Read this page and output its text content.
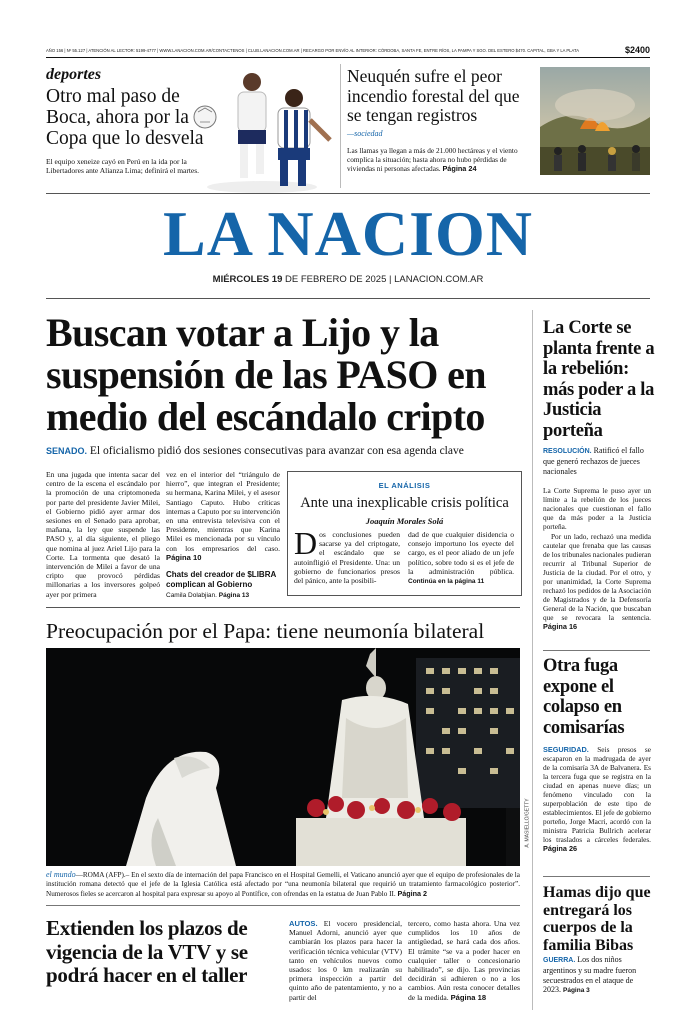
AÑO 156 | Nº 55.127 | ATENCIÓN AL LECTOR: 5199-4777 | WWW.LANACION.COM.AR/CONTACTENOS | CLUB.LANACION.COM.AR | RECARGO POR ENVÍO AL INTERIOR: CÓRDOBA, SANTA FE, ENTRE RÍOS, LA PAMPA Y SGO. DEL ESTERO $470. CAPITAL, GBA Y LA PLATA	$2400
deportes
Otro mal paso de Boca, ahora por la Copa que lo desvela
El equipo xeneize cayó en Perú en la ida por la Libertadores ante Alianza Lima; definirá el martes.
Neuquén sufre el peor incendio forestal del que se tengan registros
—sociedad
Las llamas ya llegan a más de 21.000 hectáreas y el viento complica la situación; hasta ahora no hubo pérdidas de viviendas ni personas afectadas. Página 24
LA NACION
MIÉRCOLES 19 DE FEBRERO DE 2025 | LANACION.COM.AR
Buscan votar a Lijo y la suspensión de las PASO en medio del escándalo cripto
SENADO. El oficialismo pidió dos sesiones consecutivas para avanzar con esa agenda clave
En una jugada que intenta sacar del centro de la escena el escándalo por la promoción de una criptomoneda por parte del presidente Javier Milei, el Gobierno pidió ayer armar dos sesiones en el Senado para aprobar, mañana, la ley que suspende las PASO y, al día siguiente, el pliego que nomina al juez Ariel Lijo para la Corte. La tormenta que desató la intervención de Milei a favor de una cripto que provocó pérdidas millonarias a los inversores golpeó ayer por primera
vez en el interior del “triángulo de hierro”, que integran el Presidente; su hermana, Karina Milei, y el asesor Santiago Caputo. Hubo críticas internas a Caputo por su intervención en una entrevista televisiva con el Presidente, mientras que Karina Milei es mencionada por su vínculo con los empresarios del caso. Página 10
Chats del creador de $LIBRA complican al Gobierno
Camila Dolabjian. Página 13
EL ANÁLISIS
Ante una inexplicable crisis política
Joaquín Morales Solá
D os conclusiones pueden sacarse ya del criptogate, el escándalo que se autoinfligió el Presidente. Una: un gobierno de funcionarios presos del pánico, ante la posibili-
dad de que cualquier disidencia o consejo importuno los eyecte del cargo, es el peor aliado de un jefe político, sobre todo si es el jefe de la administración pública. Continúa en la página 11
Preocupación por el Papa: tiene neumonía bilateral
A. MASIELLO/GETTY
el mundo—ROMA (AFP).– En el sexto día de internación del papa Francisco en el Hospital Gemelli, el Vaticano anunció ayer que el equipo de profesionales de la institución romana detectó que el jefe de la Iglesia Católica está afectado por “una neumonía bilateral que requirió un tratamiento farmacológico posterior”. Numerosos fieles se acercaron al hospital para expresar su apoyo al Pontífice, con ofrendas en la estatua de Juan Pablo II. Página 2
Extienden los plazos de vigencia de la VTV y se podrá hacer en el taller
AUTOS. El vocero presidencial, Manuel Adorni, anunció ayer que cambiarán los plazos para hacer la verificación técnica vehicular (VTV) tanto en vehículos nuevos como usados: los 0 km realizarán su primera inspección a partir del quinto año de patentamiento, y no a partir del
tercero, como hasta ahora. Una vez cumplidos los 10 años de antigüedad, se hará cada dos años. El trámite “se va a poder hacer en cualquier taller o concesionario habilitado”, se dijo. Las provincias decidirán si adhieren o no a los cambios. Aún resta conocer detalles de la medida. Página 18
La Corte se planta frente a la rebelión: más poder a la Justicia porteña
RESOLUCIÓN. Ratificó el fallo que generó rechazos de jueces nacionales

La Corte Suprema le puso ayer un límite a la rebelión de los jueces nacionales que cuestionan el fallo que da más poder a la Justicia porteña.

Por un lado, rechazó una medida cautelar que frenaba que las causas de los tribunales nacionales pudieran recurrir al Tribunal Superior de Justicia de la ciudad. Por el otro, y por unanimidad, la Corte Suprema rechazó los pedidos de la Asociación de Magistrados y de la Defensoría General de la Nación, que buscaban que se revocara la sentencia. Página 16

Otra fuga expone el colapso en comisarías
SEGURIDAD. Seis presos se escaparon en la madrugada de ayer de la comisaría 3A de Balvanera. Es la tercera fuga que se registra en la ciudad en apenas nueve días; un fenómeno vinculado con la superpoblación de este tipo de establecimientos. El jefe de gobierno porteño, Jorge Macri, acordó con la ministra Patricia Bullrich acelerar los traslados a cárceles federales. Página 26
Hamas dijo que entregará los cuerpos de la familia Bibas
GUERRA. Los dos niños argentinos y su madre fueron secuestrados en el ataque de 2023. Página 3
